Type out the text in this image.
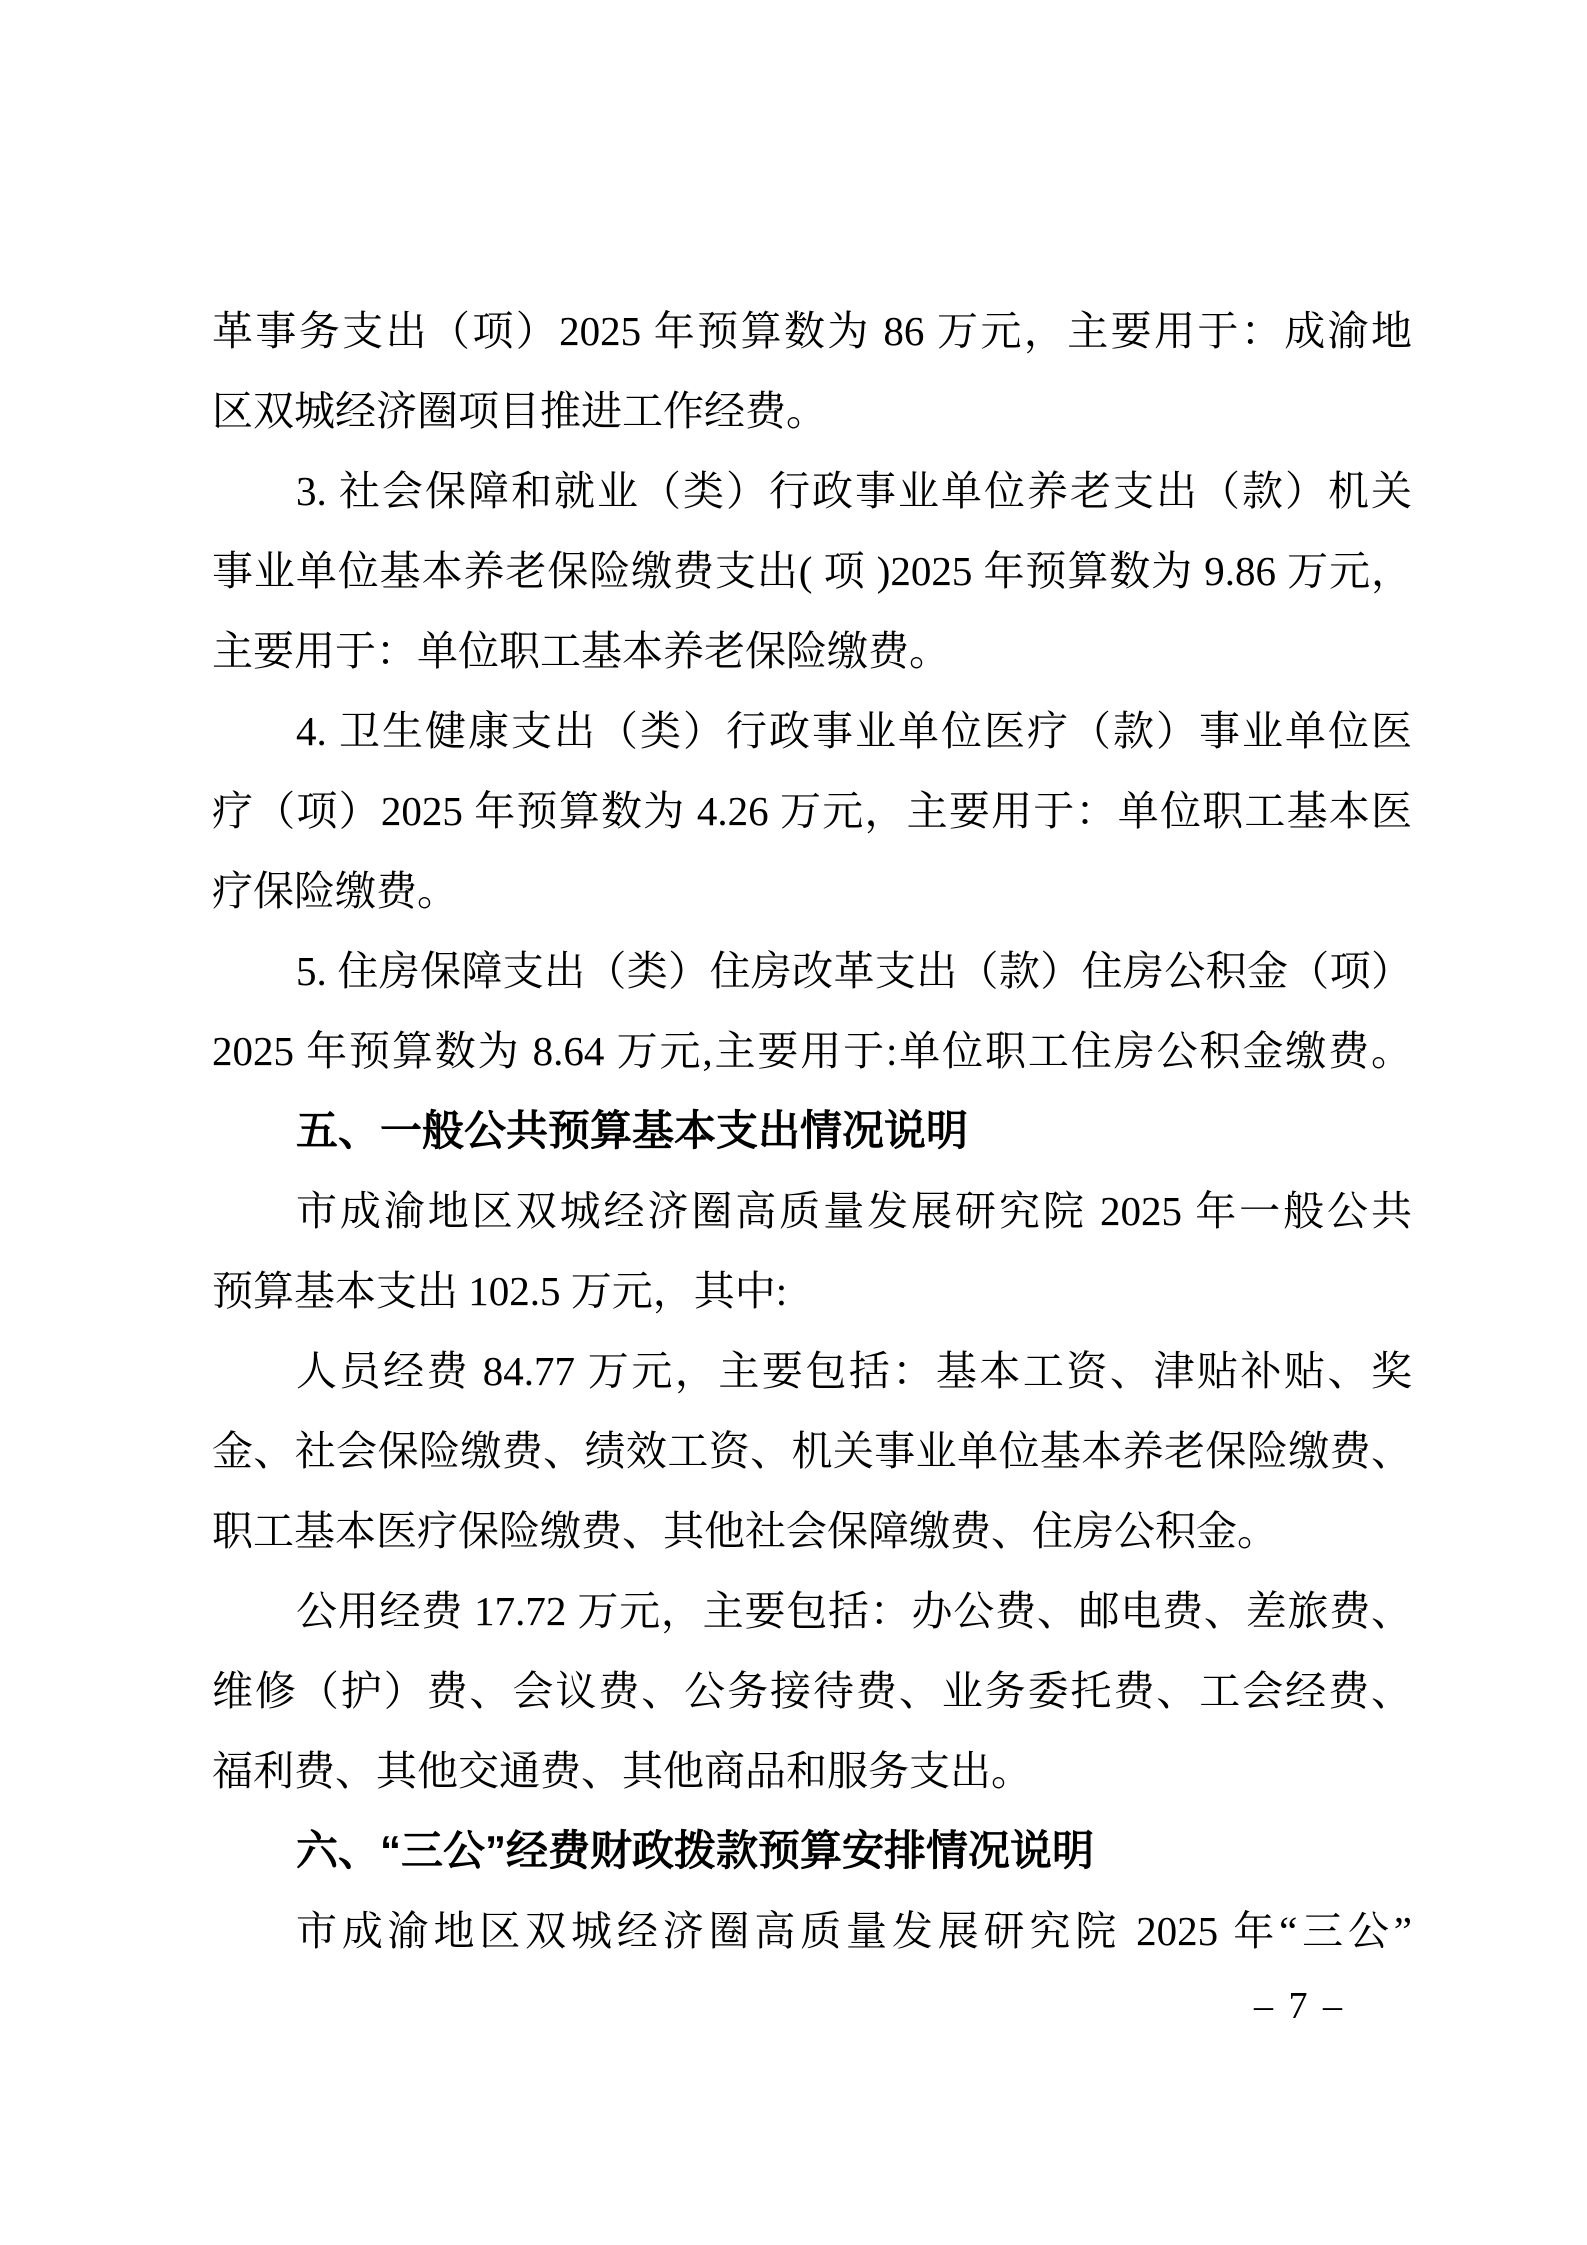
革事务支出（项）2025 年预算数为 86 万元，主要用于：成渝地
区双城经济圈项目推进工作经费。
3. 社会保障和就业（类）行政事业单位养老支出（款）机关
事业单位基本养老保险缴费支出( 项 )2025 年预算数为 9.86 万元，
主要用于：单位职工基本养老保险缴费。
4. 卫生健康支出（类）行政事业单位医疗（款）事业单位医
疗（项）2025 年预算数为 4.26 万元，主要用于：单位职工基本医
疗保险缴费。
5. 住房保障支出（类）住房改革支出（款）住房公积金（项）
2025 年预算数为 8.64 万元,主要用于:单位职工住房公积金缴费。
五、一般公共预算基本支出情况说明
市成渝地区双城经济圈高质量发展研究院 2025 年一般公共
预算基本支出 102.5 万元，其中:
人员经费 84.77 万元，主要包括：基本工资、津贴补贴、奖
金、社会保险缴费、绩效工资、机关事业单位基本养老保险缴费、
职工基本医疗保险缴费、其他社会保障缴费、住房公积金。
公用经费 17.72 万元，主要包括：办公费、邮电费、差旅费、
维修（护）费、会议费、公务接待费、业务委托费、工会经费、
福利费、其他交通费、其他商品和服务支出。
六、“三公”经费财政拨款预算安排情况说明
市成渝地区双城经济圈高质量发展研究院 2025 年“三公”
– 7 –
